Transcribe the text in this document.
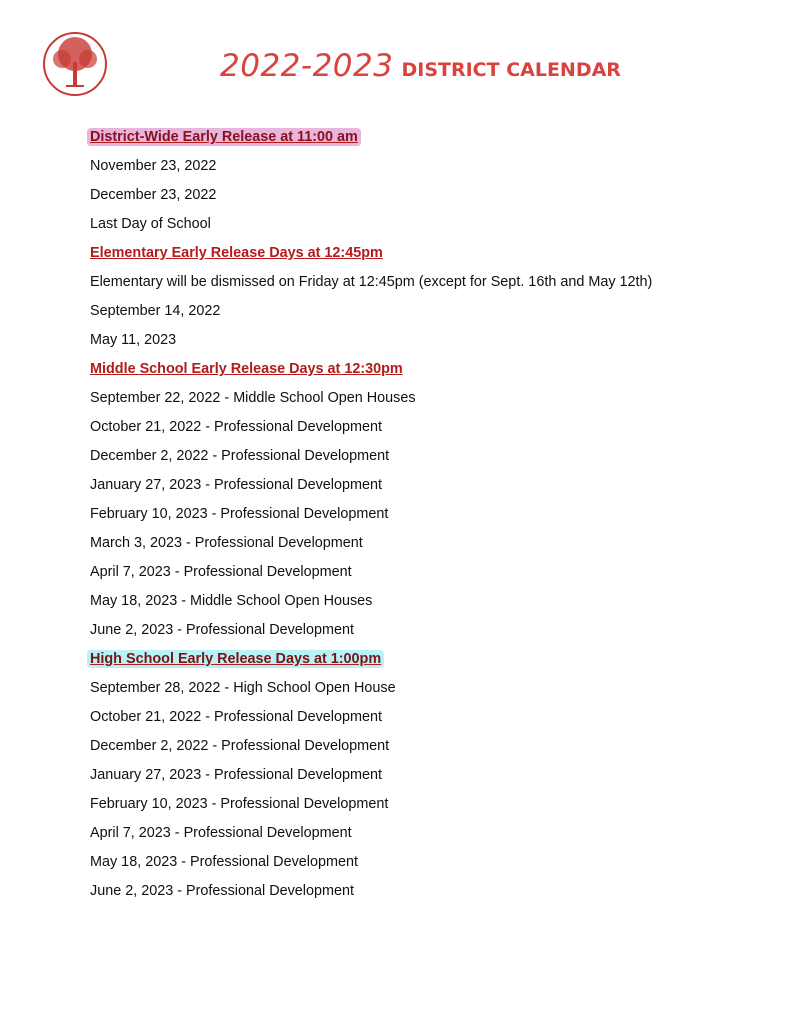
2022-2023 DISTRICT CALENDAR
District-Wide Early Release at 11:00 am
November 23, 2022
December 23, 2022
Last Day of School
Elementary Early Release Days at 12:45pm
Elementary will be dismissed on Friday at 12:45pm (except for Sept. 16th and May 12th)
September 14, 2022
May 11, 2023
Middle School Early Release Days at 12:30pm
September 22, 2022 - Middle School Open Houses
October 21, 2022 - Professional Development
December 2, 2022 - Professional Development
January 27, 2023 - Professional Development
February 10, 2023 - Professional Development
March 3, 2023 - Professional Development
April 7, 2023 - Professional Development
May 18, 2023 - Middle School Open Houses
June 2, 2023 - Professional Development
High School Early Release Days at 1:00pm
September 28, 2022 - High School Open House
October 21, 2022 - Professional Development
December 2, 2022 - Professional Development
January 27, 2023 - Professional Development
February 10, 2023 - Professional Development
April 7, 2023 - Professional Development
May 18, 2023 - Professional Development
June 2, 2023 - Professional Development
